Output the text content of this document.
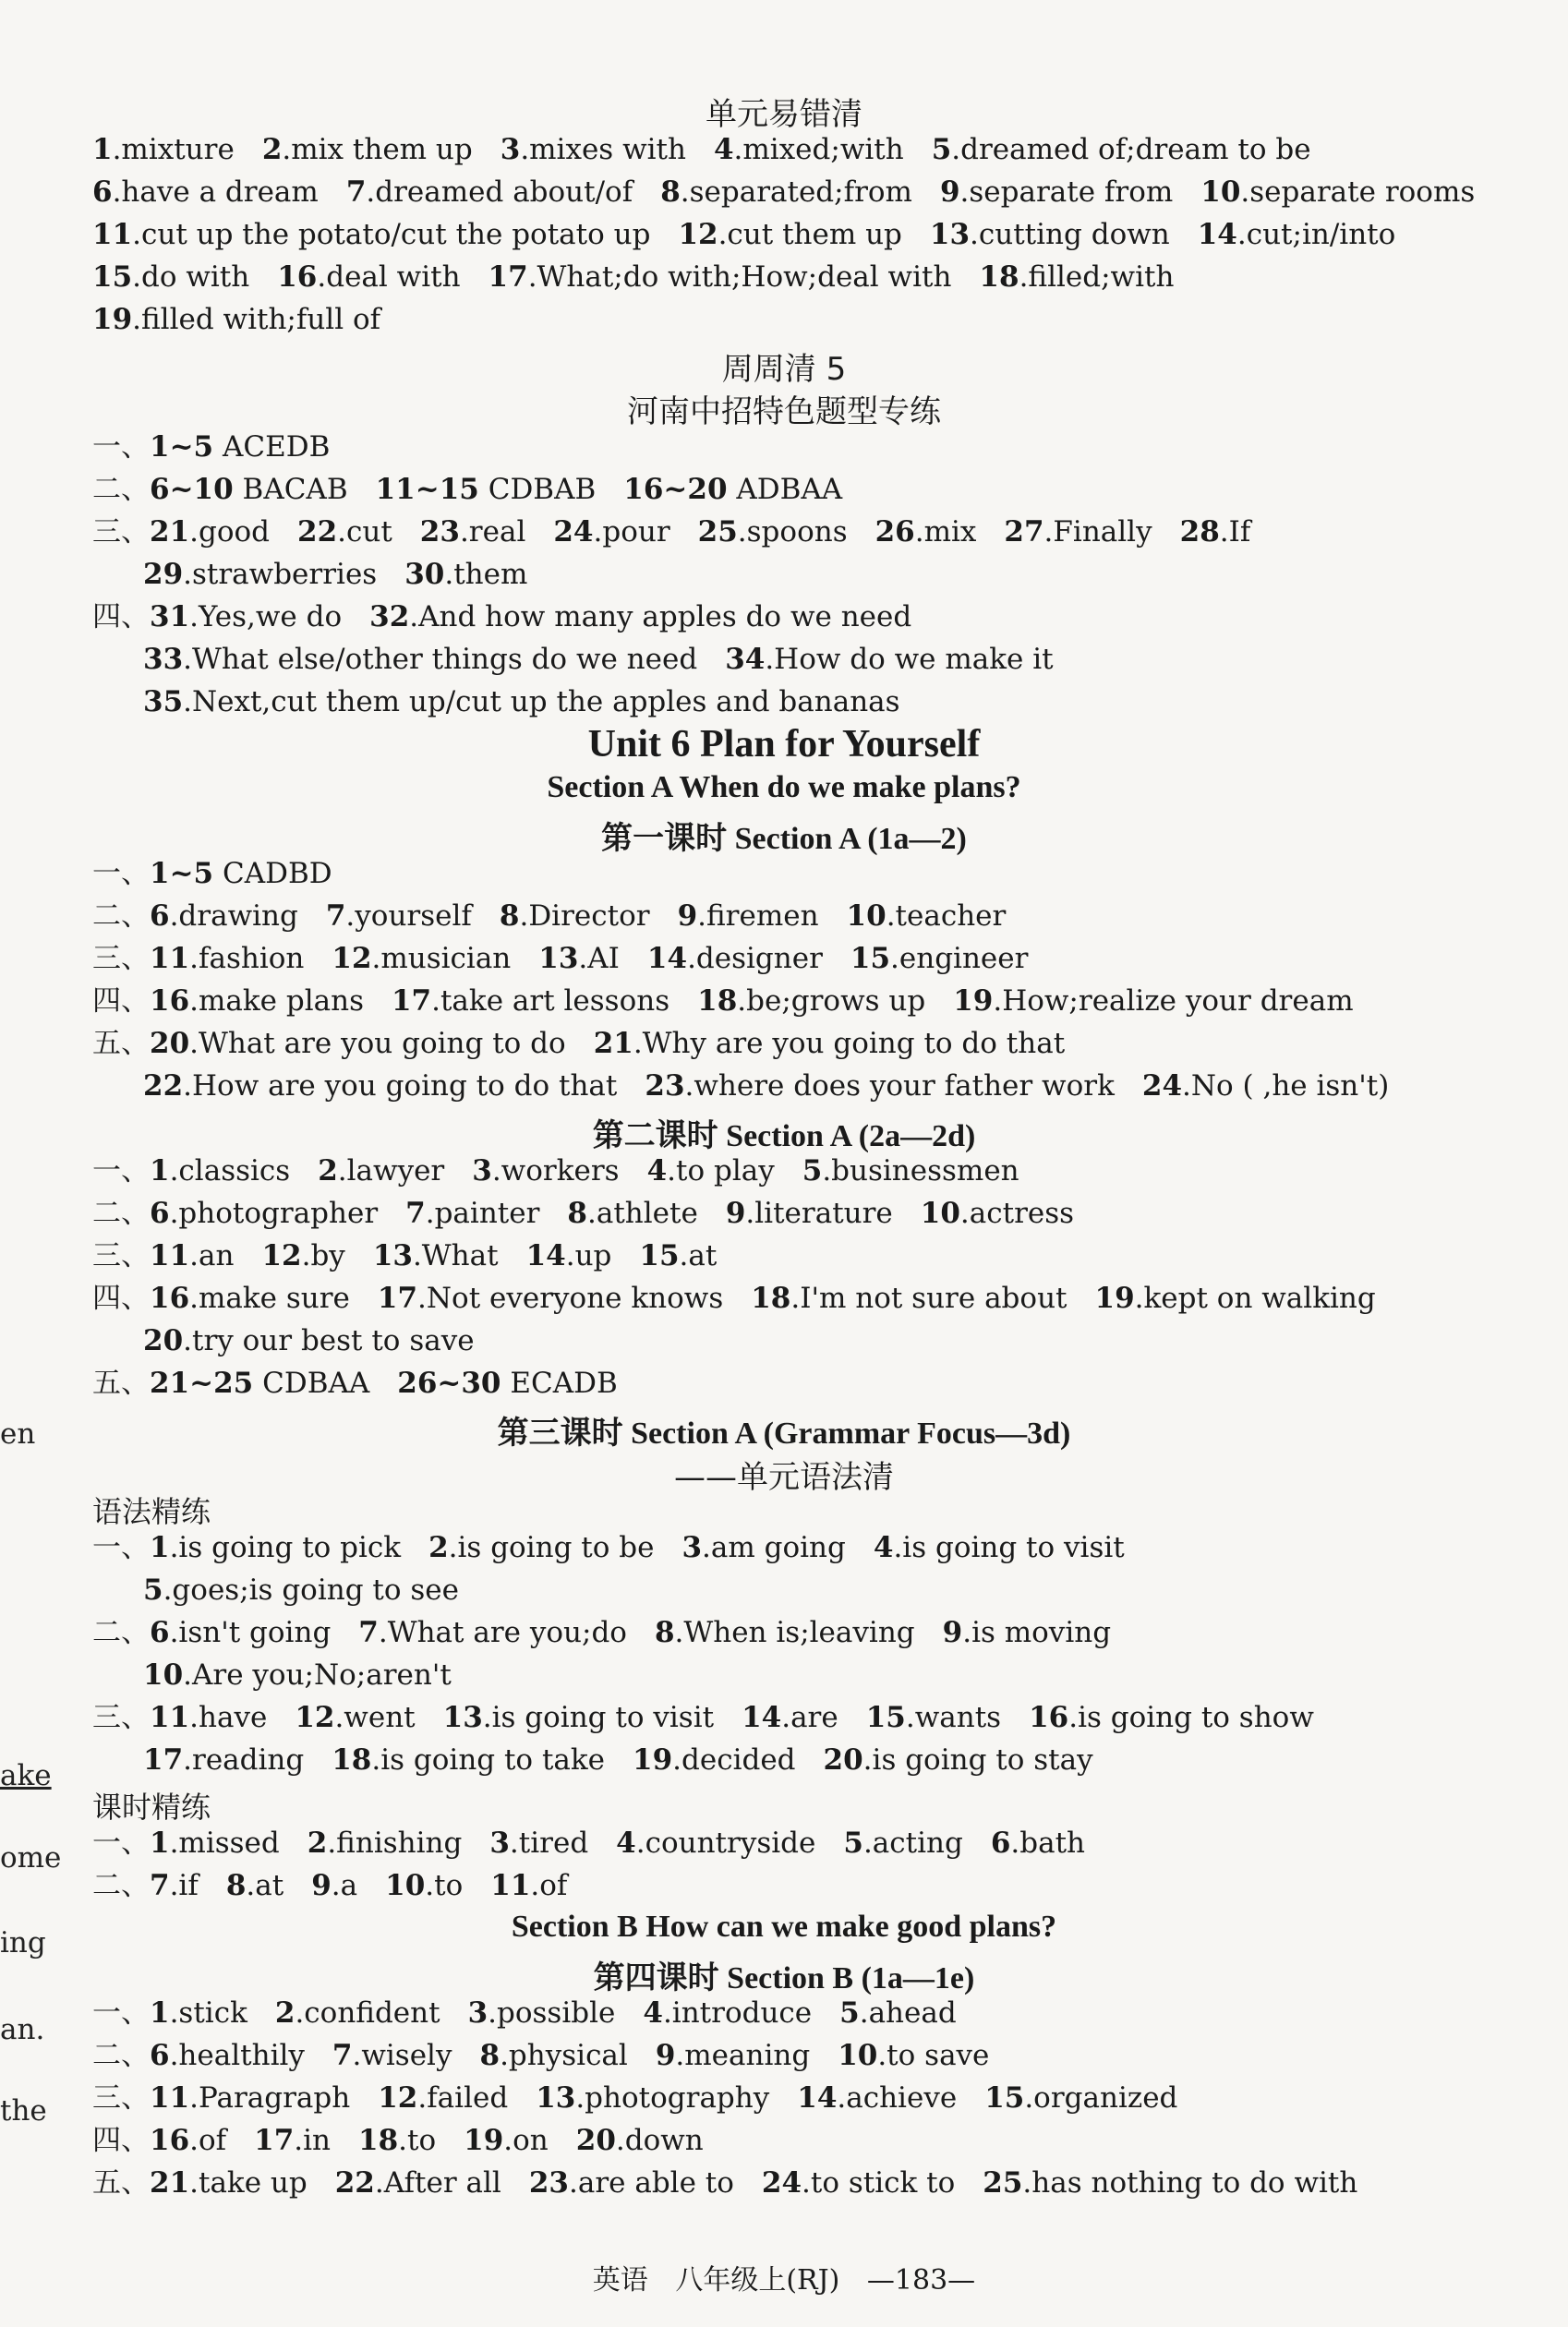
en
ake
ome
ing
an.
the
单元易错清
1.mixture 2.mix them up 3.mixes with 4.mixed;with 5.dreamed of;dream to be
6.have a dream 7.dreamed about/of 8.separated;from 9.separate from 10.separate rooms
11.cut up the potato/cut the potato up 12.cut them up 13.cutting down 14.cut;in/into
15.do with 16.deal with 17.What;do with;How;deal with 18.filled;with
19.filled with;full of
周周清 5
河南中招特色题型专练
一、1~5 ACEDB
二、6~10 BACAB 11~15 CDBAB 16~20 ADBAA
三、21.good 22.cut 23.real 24.pour 25.spoons 26.mix 27.Finally 28.If
29.strawberries 30.them
四、31.Yes,we do 32.And how many apples do we need
33.What else/other things do we need 34.How do we make it
35.Next,cut them up/cut up the apples and bananas
Unit 6 Plan for Yourself
Section A When do we make plans?
第一课时 Section A (1a—2)
一、1~5 CADBD
二、6.drawing 7.yourself 8.Director 9.firemen 10.teacher
三、11.fashion 12.musician 13.AI 14.designer 15.engineer
四、16.make plans 17.take art lessons 18.be;grows up 19.How;realize your dream
五、20.What are you going to do 21.Why are you going to do that
22.How are you going to do that 23.where does your father work 24.No ( ,he isn't)
第二课时 Section A (2a—2d)
一、1.classics 2.lawyer 3.workers 4.to play 5.businessmen
二、6.photographer 7.painter 8.athlete 9.literature 10.actress
三、11.an 12.by 13.What 14.up 15.at
四、16.make sure 17.Not everyone knows 18.I'm not sure about 19.kept on walking
20.try our best to save
五、21~25 CDBAA 26~30 ECADB
第三课时 Section A (Grammar Focus—3d)
——单元语法清
语法精练
一、1.is going to pick 2.is going to be 3.am going 4.is going to visit
5.goes;is going to see
二、6.isn't going 7.What are you;do 8.When is;leaving 9.is moving
10.Are you;No;aren't
三、11.have 12.went 13.is going to visit 14.are 15.wants 16.is going to show
17.reading 18.is going to take 19.decided 20.is going to stay
课时精练
一、1.missed 2.finishing 3.tired 4.countryside 5.acting 6.bath
二、7.if 8.at 9.a 10.to 11.of
Section B How can we make good plans?
第四课时 Section B (1a—1e)
一、1.stick 2.confident 3.possible 4.introduce 5.ahead
二、6.healthily 7.wisely 8.physical 9.meaning 10.to save
三、11.Paragraph 12.failed 13.photography 14.achieve 15.organized
四、16.of 17.in 18.to 19.on 20.down
五、21.take up 22.After all 23.are able to 24.to stick to 25.has nothing to do with
英语 八年级上(RJ) —183—
